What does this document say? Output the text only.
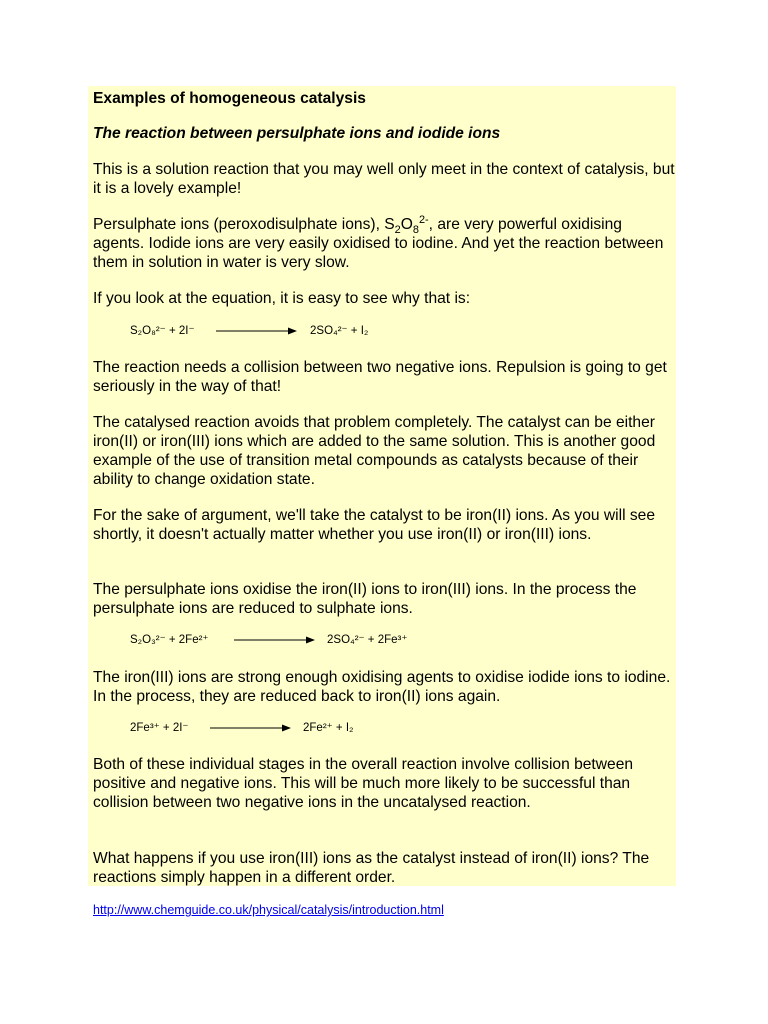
Examples of homogeneous catalysis

The reaction between persulphate ions and iodide ions

This is a solution reaction that you may well only meet in the context of catalysis, but it is a lovely example!

Persulphate ions (peroxodisulphate ions), $S_2O_8^{2-}$, are very powerful oxidising agents. Iodide ions are very easily oxidised to iodine. And yet the reaction between them in solution in water is very slow.

If you look at the equation, it is easy to see why that is:

S₂O₈²⁻ + 2I⁻	2SO₄²⁻ + I₂

The reaction needs a collision between two negative ions. Repulsion is going to get seriously in the way of that!

The catalysed reaction avoids that problem completely. The catalyst can be either iron(II) or iron(III) ions which are added to the same solution. This is another good example of the use of transition metal compounds as catalysts because of their ability to change oxidation state.

For the sake of argument, we'll take the catalyst to be iron(II) ions. As you will see shortly, it doesn't actually matter whether you use iron(II) or iron(III) ions.

The persulphate ions oxidise the iron(II) ions to iron(III) ions. In the process the persulphate ions are reduced to sulphate ions.

S₂O₃²⁻ + 2Fe²⁺	2SO₄²⁻ + 2Fe³⁺

The iron(III) ions are strong enough oxidising agents to oxidise iodide ions to iodine. In the process, they are reduced back to iron(II) ions again.

2Fe³⁺ + 2I⁻	2Fe²⁺ + I₂

Both of these individual stages in the overall reaction involve collision between positive and negative ions. This will be much more likely to be successful than collision between two negative ions in the uncatalysed reaction.

What happens if you use iron(III) ions as the catalyst instead of iron(II) ions? The reactions simply happen in a different order.

http://www.chemguide.co.uk/physical/catalysis/introduction.html
